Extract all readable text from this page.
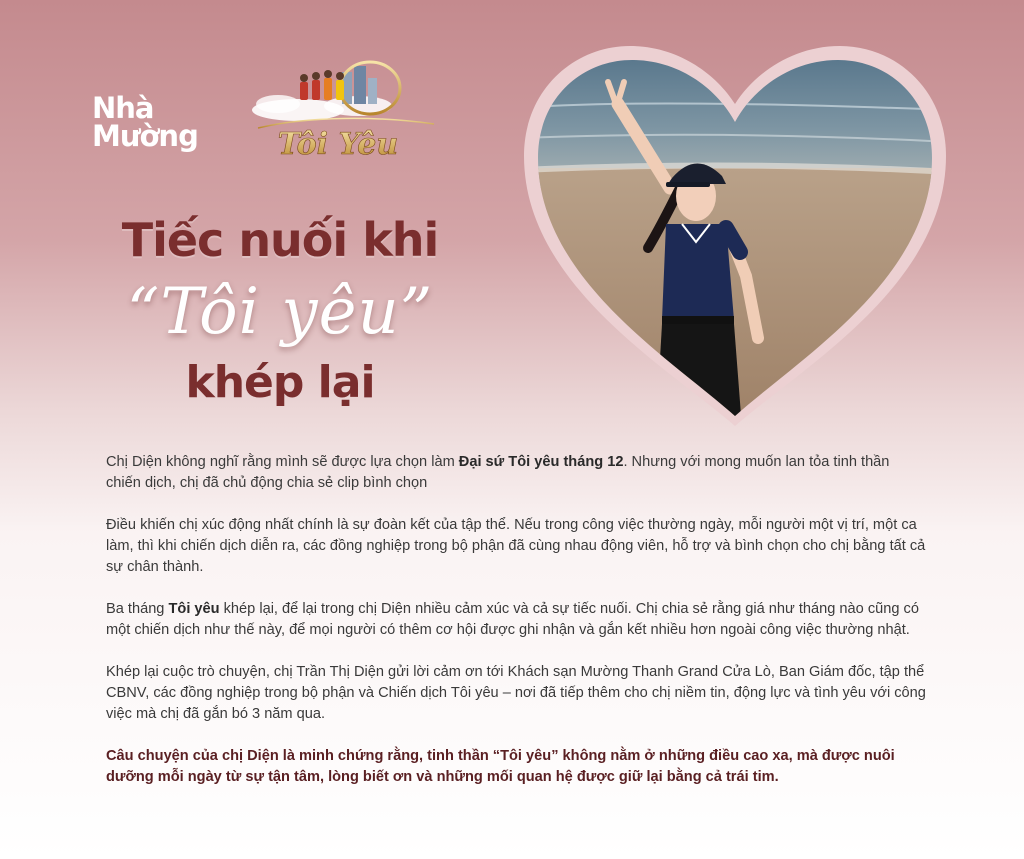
Nhà
Mường	Tôi Yêu
Tiếc nuối khi
“Tôi yêu”
khép lại

Chị Diện không nghĩ rằng mình sẽ được lựa chọn làm Đại sứ Tôi yêu tháng 12. Nhưng với mong muốn lan tỏa tinh thần chiến dịch, chị đã chủ động chia sẻ clip bình chọn

Điều khiến chị xúc động nhất chính là sự đoàn kết của tập thể. Nếu trong công việc thường ngày, mỗi người một vị trí, một ca làm, thì khi chiến dịch diễn ra, các đồng nghiệp trong bộ phận đã cùng nhau động viên, hỗ trợ và bình chọn cho chị bằng tất cả sự chân thành.

Ba tháng Tôi yêu khép lại, để lại trong chị Diện nhiều cảm xúc và cả sự tiếc nuối. Chị chia sẻ rằng giá như tháng nào cũng có một chiến dịch như thế này, để mọi người có thêm cơ hội được ghi nhận và gắn kết nhiều hơn ngoài công việc thường nhật.

Khép lại cuộc trò chuyện, chị Trần Thị Diện gửi lời cảm ơn tới Khách sạn Mường Thanh Grand Cửa Lò, Ban Giám đốc, tập thể CBNV, các đồng nghiệp trong bộ phận và Chiến dịch Tôi yêu – nơi đã tiếp thêm cho chị niềm tin, động lực và tình yêu với công việc mà chị đã gắn bó 3 năm qua.

Câu chuyện của chị Diện là minh chứng rằng, tinh thần “Tôi yêu” không nằm ở những điều cao xa, mà được nuôi dưỡng mỗi ngày từ sự tận tâm, lòng biết ơn và những mối quan hệ được giữ lại bằng cả trái tim.
